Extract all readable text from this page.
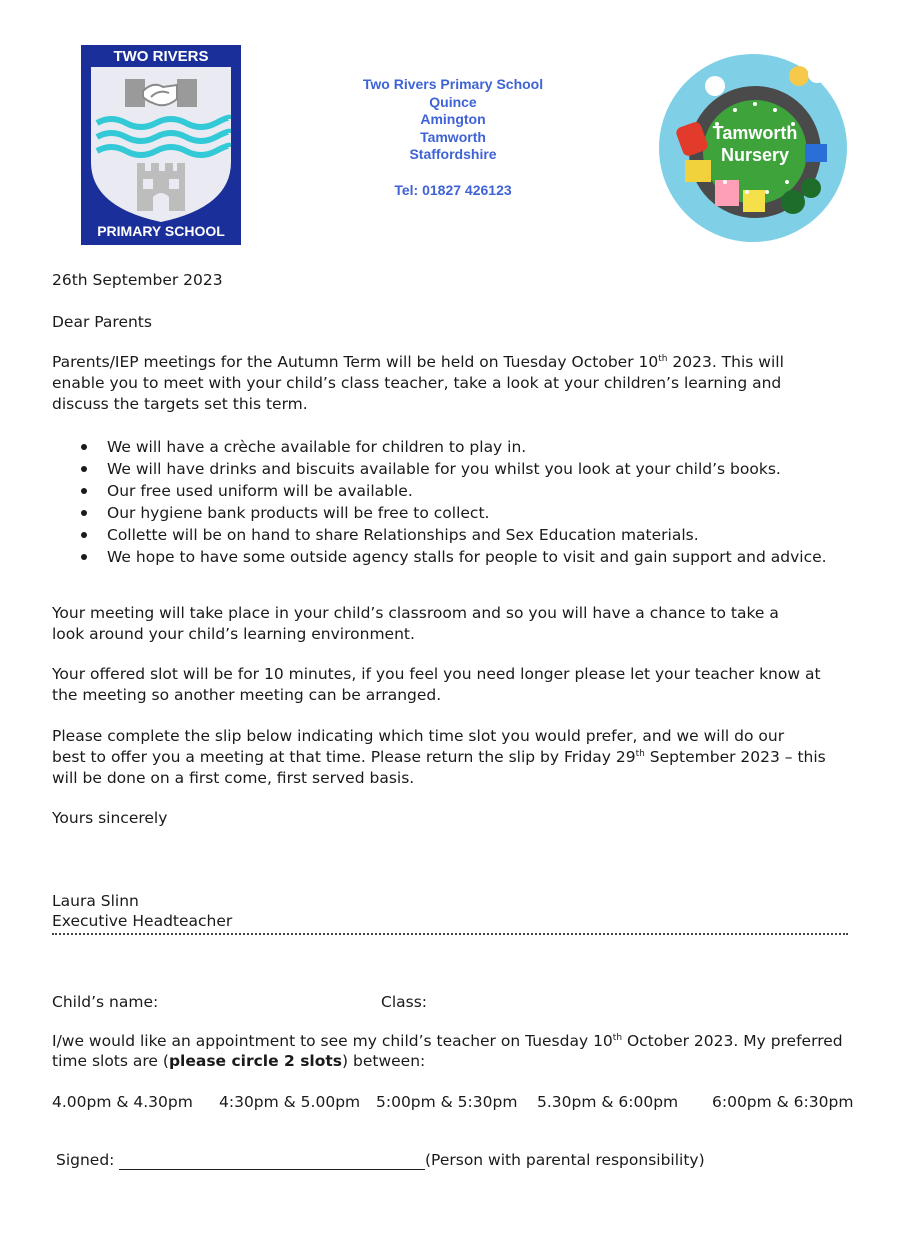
TWO RIVERS
PRIMARY SCHOOL
Two Rivers Primary School
Quince
Amington
Tamworth
Staffordshire
Tel: 01827 426123
Tamworth
Nursery
26th September 2023
Dear Parents
Parents/IEP meetings for the Autumn Term will be held on Tuesday October 10th 2023. This will
enable you to meet with your child’s class teacher, take a look at your children’s learning and
discuss the targets set this term.
We will have a crèche available for children to play in.
We will have drinks and biscuits available for you whilst you look at your child’s books.
Our free used uniform will be available.
Our hygiene bank products will be free to collect.
Collette will be on hand to share Relationships and Sex Education materials.
We hope to have some outside agency stalls for people to visit and gain support and advice.
Your meeting will take place in your child’s classroom and so you will have a chance to take a
look around your child’s learning environment.
Your offered slot will be for 10 minutes, if you feel you need longer please let your teacher know at
the meeting so another meeting can be arranged.
Please complete the slip below indicating which time slot you would prefer, and we will do our
best to offer you a meeting at that time. Please return the slip by Friday 29th September 2023 – this
will be done on a first come, first served basis.
Yours sincerely
Laura Slinn
Executive Headteacher
Child’s name:	Class:
I/we would like an appointment to see my child’s teacher on Tuesday 10th October 2023. My preferred
time slots are (please circle 2 slots) between:
4.00pm & 4.30pm 4:30pm & 5.00pm 5:00pm & 5:30pm 5.30pm & 6:00pm 6:00pm & 6:30pm
Signed:	(Person with parental responsibility)
